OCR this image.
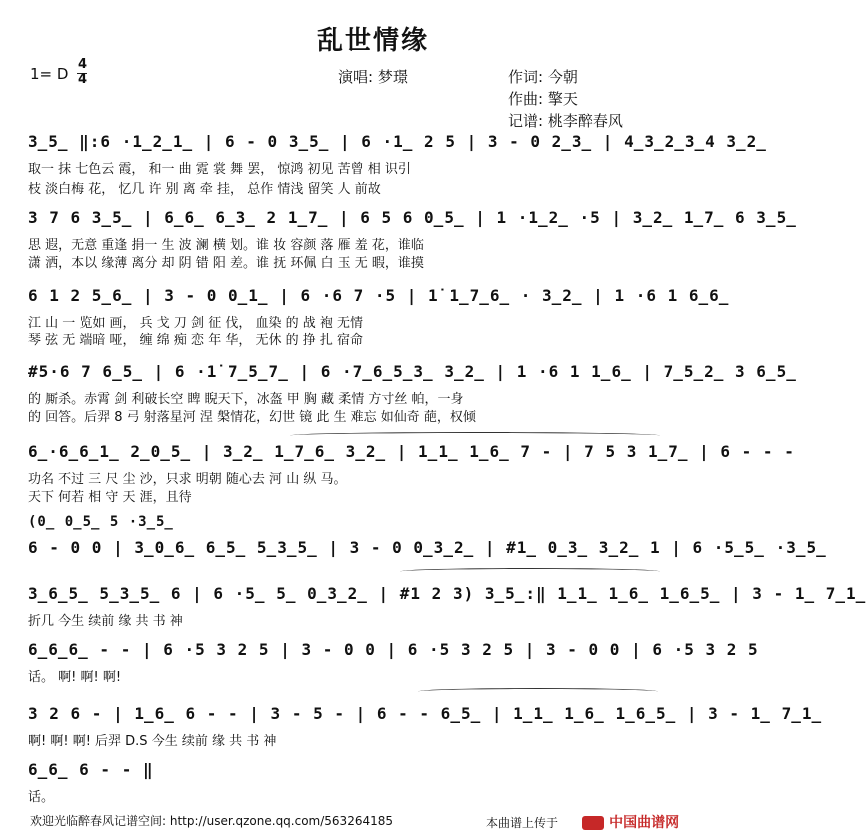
乱世情缘
1= D
4
4	演唱: 梦璟	作词: 今朝
作曲: 擎天
记谱: 桃李醉春风
3̲5̲ ‖:6 ·1̲2̲1̲ | 6 - 0 3̲5̲ | 6 ·1̲ 2 5 | 3 - 0 2̲3̲ | 4̲3̲2̲3̲4 3̲2̲
取一 抹 七色云 霞， 和一 曲 霓 裳 舞 罢， 惊鸿 初见 苦曾 相 识引
枝 淡白梅 花， 忆几 许 别 离 牵 挂， 总作 情浅 留笑 人 前故
3 7 6 3̲5̲ | 6̲6̲ 6̲3̲ 2 1̲7̲ | 6 5 6 0̲5̲ | 1 ·1̲2̲ ·5 | 3̲2̲ 1̲7̲ 6 3̲5̲
思 遐，无意 重逢 捐一 生 波 澜 横 划。谁 妆 容颜 落 雁 羞 花，谁临
潇 洒，本以 缘薄 离分 却 阴 错 阳 差。谁 抚 环佩 白 玉 无 暇，谁摸
6 1 2 5̲6̲ | 3 - 0 0̲1̲ | 6 ·6 7 ·5 | 1̇ 1̲7̲6̲ · 3̲2̲ | 1 ·6 1 6̲6̲
江 山 一 览如 画， 兵 戈 刀 剑 征 伐， 血染 的 战 袍 无情
琴 弦 无 端暗 哑， 缠 绵 痴 恋 年 华， 无休 的 挣 扎 宿命
#5·6 7 6̲5̲ | 6 ·1̇ 7̲5̲7̲ | 6 ·7̲6̲5̲3̲ 3̲2̲ | 1 ·6 1 1̲6̲ | 7̲5̲2̲ 3 6̲5̲
的 厮杀。赤霄 剑 利破长空 睥 睨天下，冰盔 甲 胸 藏 柔情 方寸丝 帕，一身
的 回答。后羿 8 弓 射落星河 涅 槃情花，幻世 镜 此 生 难忘 如仙奇 葩，权倾
6̲·6̲6̲1̲ 2̲0̲5̲ | 3̲2̲ 1̲7̲6̲ 3̲2̲ | 1̲1̲ 1̲6̲ 7 - | 7 5 3 1̲7̲ | 6 - - -
功名 不过 三 尺 尘 沙，只求 明朝 随心去 河 山 纵 马。
天下 何若 相 守 天 涯，且待
(0̲ 0̲5̲ 5 ·3̲5̲
6 - 0 0 | 3̲0̲6̲ 6̲5̲ 5̲3̲5̲ | 3 - 0 0̲3̲2̲ | #1̲ 0̲3̲ 3̲2̲ 1 | 6 ·5̲5̲ ·3̲5̲
3̲6̲5̲ 5̲3̲5̲ 6 | 6 ·5̲ 5̲ 0̲3̲2̲ | #1 2 3) 3̲5̲:‖ 1̲1̲ 1̲6̲ 1̲6̲5̲ | 3 - 1̲ 7̲1̲
折几 今生 续前 缘 共 书 神
6̲6̲6̲ - - | 6 ·5 3 2 5 | 3 - 0 0 | 6 ·5 3 2 5 | 3 - 0 0 | 6 ·5 3 2 5
话。 啊! 啊! 啊!
3 2 6 - | 1̲6̲ 6 - - | 3 - 5 - | 6 - - 6̲5̲ | 1̲1̲ 1̲6̲ 1̲6̲5̲ | 3 - 1̲ 7̲1̲
啊! 啊! 啊! 后羿 D.S 今生 续前 缘 共 书 神
6̲6̲ 6 - - ‖
话。
欢迎光临醉春风记谱空间: http://user.qzone.qq.com/563264185	本曲谱上传于	中国曲谱网
